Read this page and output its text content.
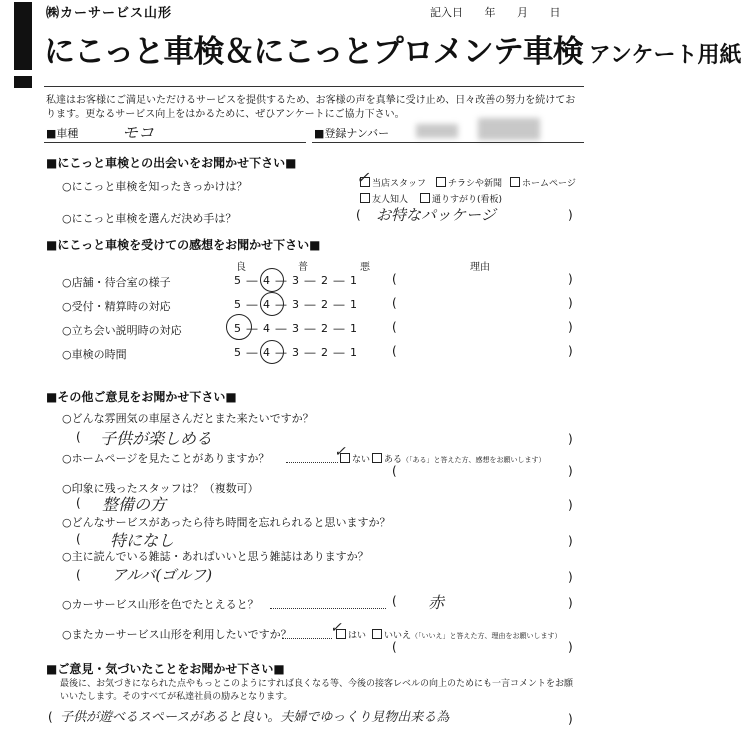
㈱カーサービス山形	記入日 年 月 日
にこっと車検＆にこっとプロメンテ車検 アンケート用紙
私達はお客様にご満足いただけるサービスを提供するため、お客様の声を真摯に受け止め、日々改善の努力を続けております。更なるサービス向上をはかるために、ぜひアンケートにご協力下さい。
■車種	モコ	■登録ナンバー
■にこっと車検との出会いをお聞かせ下さい■
○にこっと車検を知ったきっかけは？	当店スタッフ
✓	チラシや新聞	ホームページ
友人知人	通りすがり(看板)
○にこっと車検を選んだ決め手は？	( お特なパッケージ	)
■にこっと車検を受けての感想をお聞かせ下さい■
良	普	悪	理由
○店舗・待合室の様子	5 ― 4 ― 3 ― 2 ― 1	(	)
○受付・精算時の対応	5 ― 4 ― 3 ― 2 ― 1	(	)
○立ち会い説明時の対応	5 ― 4 ― 3 ― 2 ― 1	(	)
○車検の時間	5 ― 4 ― 3 ― 2 ― 1	(	)
■その他ご意見をお聞かせ下さい■
○どんな雰囲気の車屋さんだとまた来たいですか？
( 子供が楽しめる	)
○ホームページを見たことがありますか？	ない
✓	ある（「ある」と答えた方、感想をお願いします）
(	)
○印象に残ったスタッフは？（複数可）
( 整備の方	)
○どんなサービスがあったら待ち時間を忘れられると思いますか？
( 特になし	)
○主に読んでいる雑誌・あればいいと思う雑誌はありますか？
( アルバ(ゴルフ)	)
○カーサービス山形を色でたとえると？	( 赤	)
○またカーサービス山形を利用したいですか？	はい
✓	いいえ（「いいえ」と答えた方、理由をお願いします）
(	)
■ご意見・気づいたことをお聞かせ下さい■
最後に、お気づきになられた点やもっとこのようにすれば良くなる等、今後の接客レベルの向上のためにも一言コメントをお願いいたします。そのすべてが私達社員の励みとなります。
( 子供が遊べるスペースがあると良い。夫婦でゆっくり見物出来る為	)
